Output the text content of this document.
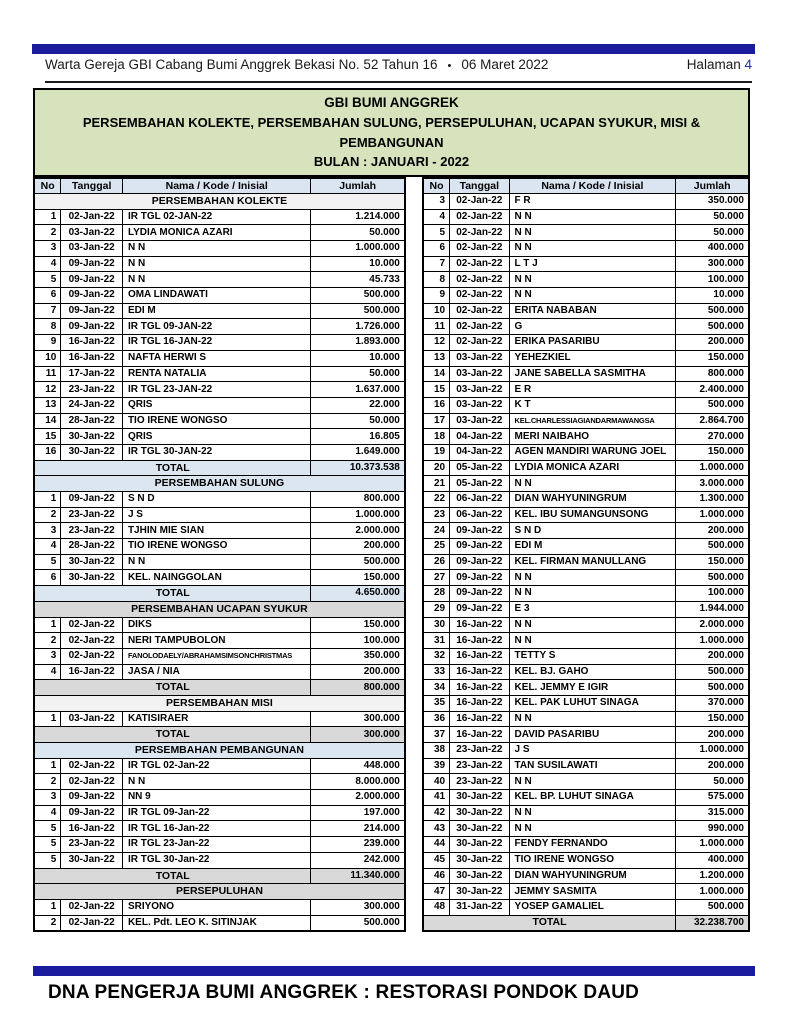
Warta Gereja GBI Cabang Bumi Anggrek Bekasi No. 52 Tahun 16 • 06 Maret 2022	Halaman 4
GBI BUMI ANGGREK
PERSEMBAHAN KOLEKTE, PERSEMBAHAN SULUNG, PERSEPULUHAN, UCAPAN SYUKUR, MISI & PEMBANGUNAN
BULAN : JANUARI - 2022
No	Tanggal	Nama / Kode / Inisial	Jumlah
PERSEMBAHAN KOLEKTE			
1	02-Jan-22	IR TGL 02-JAN-22	1.214.000
2	03-Jan-22	LYDIA MONICA AZARI	50.000
3	03-Jan-22	N N	1.000.000
4	09-Jan-22	N N	10.000
5	09-Jan-22	N N	45.733
6	09-Jan-22	OMA LINDAWATI	500.000
7	09-Jan-22	EDI M	500.000
8	09-Jan-22	IR TGL 09-JAN-22	1.726.000
9	16-Jan-22	IR TGL 16-JAN-22	1.893.000
10	16-Jan-22	NAFTA HERWI S	10.000
11	17-Jan-22	RENTA NATALIA	50.000
12	23-Jan-22	IR TGL 23-JAN-22	1.637.000
13	24-Jan-22	QRIS	22.000
14	28-Jan-22	TIO IRENE WONGSO	50.000
15	30-Jan-22	QRIS	16.805
16	30-Jan-22	IR TGL 30-JAN-22	1.649.000
TOTAL			10.373.538
PERSEMBAHAN SULUNG			
1	09-Jan-22	S N D	800.000
2	23-Jan-22	J S	1.000.000
3	23-Jan-22	TJHIN MIE SIAN	2.000.000
4	28-Jan-22	TIO IRENE WONGSO	200.000
5	30-Jan-22	N N	500.000
6	30-Jan-22	KEL. NAINGGOLAN	150.000
TOTAL			4.650.000
PERSEMBAHAN UCAPAN SYUKUR			
1	02-Jan-22	DIKS	150.000
2	02-Jan-22	NERI TAMPUBOLON	100.000
3	02-Jan-22	FANOLODAELY/ABRAHAMSIMSONCHRISTMAS	350.000
4	16-Jan-22	JASA / NIA	200.000
TOTAL			800.000
PERSEMBAHAN MISI			
1	03-Jan-22	KATISIRAER	300.000
TOTAL			300.000
PERSEMBAHAN PEMBANGUNAN			
1	02-Jan-22	IR TGL 02-Jan-22	448.000
2	02-Jan-22	N N	8.000.000
3	09-Jan-22	NN 9	2.000.000
4	09-Jan-22	IR TGL 09-Jan-22	197.000
5	16-Jan-22	IR TGL 16-Jan-22	214.000
5	23-Jan-22	IR TGL 23-Jan-22	239.000
5	30-Jan-22	IR TGL 30-Jan-22	242.000
TOTAL			11.340.000
PERSEPULUHAN			
1	02-Jan-22	SRIYONO	300.000
2	02-Jan-22	KEL. Pdt. LEO K. SITINJAK	500.000
No	Tanggal	Nama / Kode / Inisial	Jumlah
3	02-Jan-22	F R	350.000
4	02-Jan-22	N N	50.000
5	02-Jan-22	N N	50.000
6	02-Jan-22	N N	400.000
7	02-Jan-22	L T J	300.000
8	02-Jan-22	N N	100.000
9	02-Jan-22	N N	10.000
10	02-Jan-22	ERITA NABABAN	500.000
11	02-Jan-22	G	500.000
12	02-Jan-22	ERIKA PASARIBU	200.000
13	03-Jan-22	YEHEZKIEL	150.000
14	03-Jan-22	JANE SABELLA SASMITHA	800.000
15	03-Jan-22	E R	2.400.000
16	03-Jan-22	K T	500.000
17	03-Jan-22	KEL.CHARLESSIAGIANDARMAWANGSA	2.864.700
18	04-Jan-22	MERI NAIBAHO	270.000
19	04-Jan-22	AGEN MANDIRI WARUNG JOEL	150.000
20	05-Jan-22	LYDIA MONICA AZARI	1.000.000
21	05-Jan-22	N N	3.000.000
22	06-Jan-22	DIAN WAHYUNINGRUM	1.300.000
23	06-Jan-22	KEL. IBU SUMANGUNSONG	1.000.000
24	09-Jan-22	S N D	200.000
25	09-Jan-22	EDI M	500.000
26	09-Jan-22	KEL. FIRMAN MANULLANG	150.000
27	09-Jan-22	N N	500.000
28	09-Jan-22	N N	100.000
29	09-Jan-22	E 3	1.944.000
30	16-Jan-22	N N	2.000.000
31	16-Jan-22	N N	1.000.000
32	16-Jan-22	TETTY S	200.000
33	16-Jan-22	KEL. BJ. GAHO	500.000
34	16-Jan-22	KEL. JEMMY E IGIR	500.000
35	16-Jan-22	KEL. PAK LUHUT SINAGA	370.000
36	16-Jan-22	N N	150.000
37	16-Jan-22	DAVID PASARIBU	200.000
38	23-Jan-22	J S	1.000.000
39	23-Jan-22	TAN SUSILAWATI	200.000
40	23-Jan-22	N N	50.000
41	30-Jan-22	KEL. BP. LUHUT SINAGA	575.000
42	30-Jan-22	N N	315.000
43	30-Jan-22	N N	990.000
44	30-Jan-22	FENDY FERNANDO	1.000.000
45	30-Jan-22	TIO IRENE WONGSO	400.000
46	30-Jan-22	DIAN WAHYUNINGRUM	1.200.000
47	30-Jan-22	JEMMY SASMITA	1.000.000
48	31-Jan-22	YOSEP GAMALIEL	500.000
TOTAL			32.238.700
DNA PENGERJA BUMI ANGGREK : RESTORASI PONDOK DAUD
